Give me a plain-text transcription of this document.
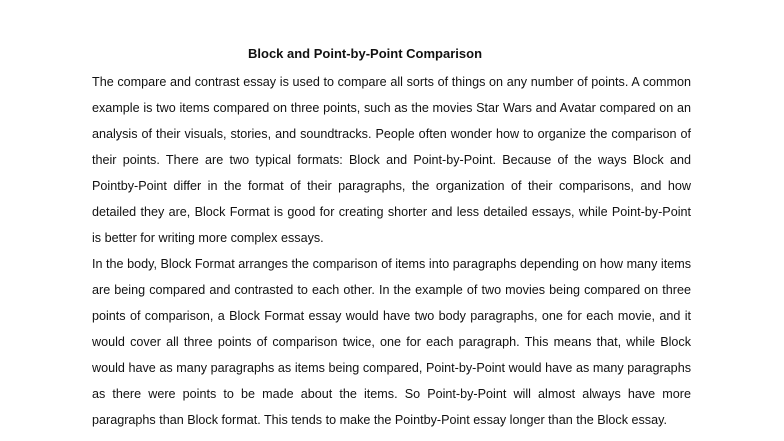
Block and Point-by-Point Comparison

The compare and contrast essay is used to compare all sorts of things on any number of points. A common example is two items compared on three points, such as the movies Star Wars and Avatar compared on an analysis of their visuals, stories, and soundtracks. People often wonder how to organize the comparison of their points. There are two typical formats: Block and Point-by-Point. Because of the ways Block and Pointby-Point differ in the format of their paragraphs, the organization of their comparisons, and how detailed they are, Block Format is good for creating shorter and less detailed essays, while Point-by-Point is better for writing more complex essays.

In the body, Block Format arranges the comparison of items into paragraphs depending on how many items are being compared and contrasted to each other. In the example of two movies being compared on three points of comparison, a Block Format essay would have two body paragraphs, one for each movie, and it would cover all three points of comparison twice, one for each paragraph. This means that, while Block would have as many paragraphs as items being compared, Point-by-Point would have as many paragraphs as there were points to be made about the items. So Point-by-Point will almost always have more paragraphs than Block format. This tends to make the Pointby-Point essay longer than the Block essay.
